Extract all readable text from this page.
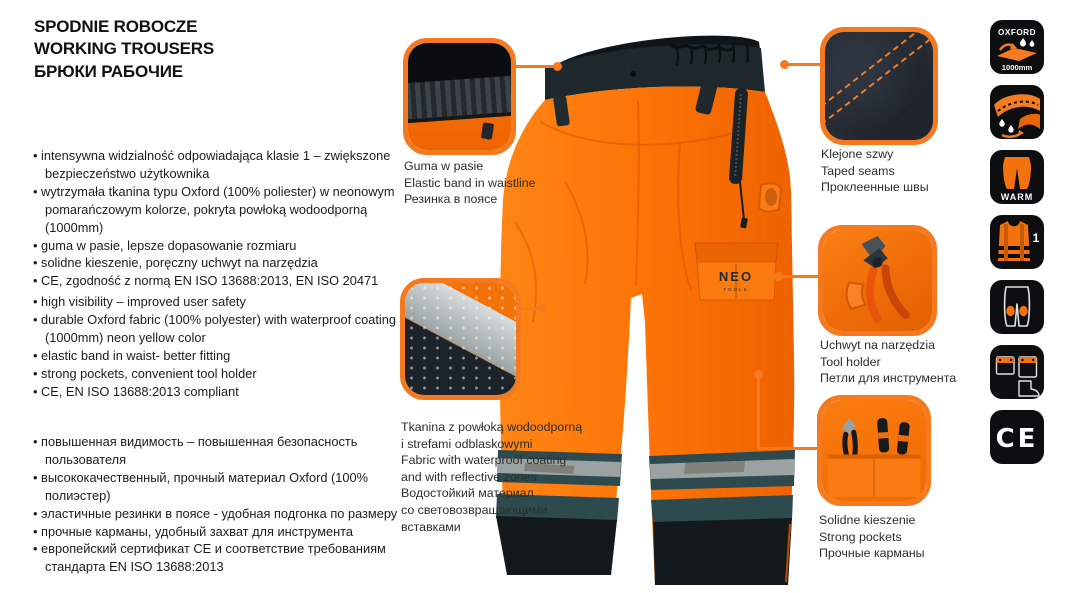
SPODNIE ROBOCZE
WORKING TROUSERS
БРЮКИ РАБОЧИЕ
• intensywna widzialność odpowiadająca klasie 1 – zwiększone bezpieczeństwo użytkownika
• wytrzymała tkanina typu Oxford (100% poliester) w neonowym pomarańczowym kolorze, pokryta powłoką wodoodporną (1000mm)
• guma w pasie, lepsze dopasowanie rozmiaru
• solidne kieszenie, poręczny uchwyt na narzędzia
• CE, zgodność z normą EN ISO 13688:2013, EN ISO 20471
• high visibility – improved user safety
• durable Oxford fabric (100% polyester) with waterproof coating (1000mm) neon yellow color
• elastic band in waist- better fitting
• strong pockets, convenient tool holder
• CE, EN ISO 13688:2013 compliant
• повышенная видимость – повышенная безопасность пользователя
• высококачественный, прочный материал Oxford (100% полиэстер)
• эластичные резинки в поясе - удобная подгонка по размеру
• прочные карманы, удобный захват для инструмента
• европейский сертификат CE и соответствие требованиям стандарта EN ISO 13688:2013
NEO
TOOLS
Guma w pasie
Elastic band in waistline
Резинка в поясе
Klejone szwy
Taped seams
Проклеенные швы
Tkanina z powłoką wodoodporną
i strefami odblaskowymi
Fabric with waterproof coating
and with reflective zones
Водостойкий материал
со световозвращающими
вставками
Uchwyt na narzędzia
Tool holder
Петли для инструмента
Solidne kieszenie
Strong pockets
Прочные карманы
OXFORD
1000mm
WARM
1
CE
